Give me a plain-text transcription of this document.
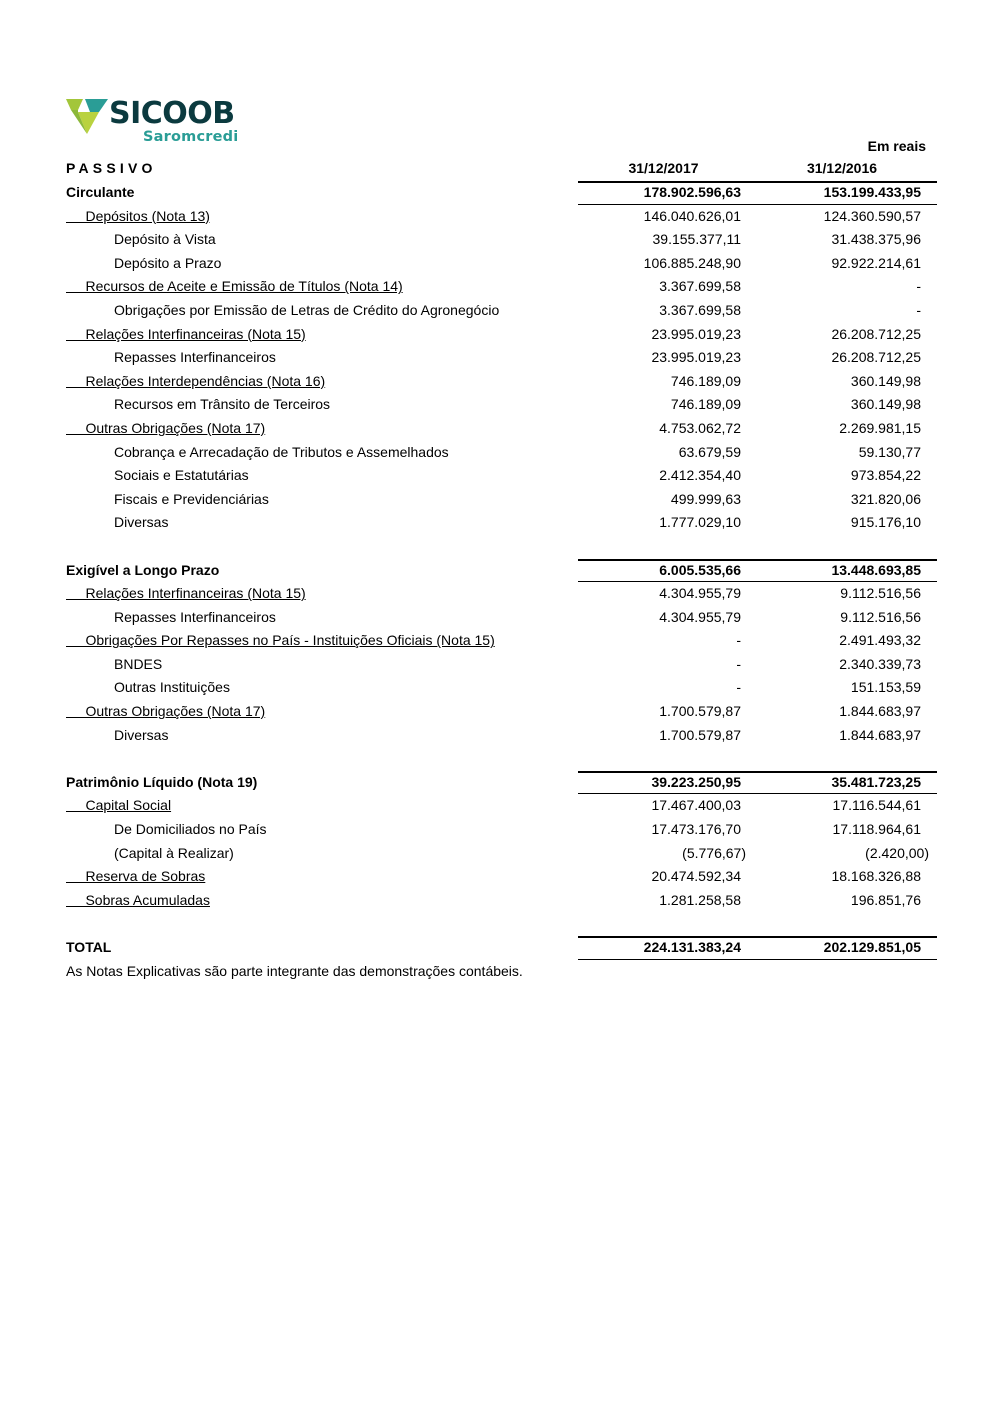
SICOOB
Saromcredi
Em reais
PASSIVO	31/12/2017	31/12/2016
Circulante	178.902.596,63	153.199.433,95
Depósitos (Nota 13)	146.040.626,01	124.360.590,57
Depósito à Vista	39.155.377,11	31.438.375,96
Depósito a Prazo	106.885.248,90	92.922.214,61
Recursos de Aceite e Emissão de Títulos (Nota 14)	3.367.699,58	-
Obrigações por Emissão de Letras de Crédito do Agronegócio	3.367.699,58	-
Relações Interfinanceiras (Nota 15)	23.995.019,23	26.208.712,25
Repasses Interfinanceiros	23.995.019,23	26.208.712,25
Relações Interdependências (Nota 16)	746.189,09	360.149,98
Recursos em Trânsito de Terceiros	746.189,09	360.149,98
Outras Obrigações (Nota 17)	4.753.062,72	2.269.981,15
Cobrança e Arrecadação de Tributos e Assemelhados	63.679,59	59.130,77
Sociais e Estatutárias	2.412.354,40	973.854,22
Fiscais e Previdenciárias	499.999,63	321.820,06
Diversas	1.777.029,10	915.176,10
Exigível a Longo Prazo	6.005.535,66	13.448.693,85
Relações Interfinanceiras (Nota 15)	4.304.955,79	9.112.516,56
Repasses Interfinanceiros	4.304.955,79	9.112.516,56
Obrigações Por Repasses no País - Instituições Oficiais (Nota 15)	-	2.491.493,32
BNDES	-	2.340.339,73
Outras Instituições	-	151.153,59
Outras Obrigações (Nota 17)	1.700.579,87	1.844.683,97
Diversas	1.700.579,87	1.844.683,97
Patrimônio Líquido (Nota 19)	39.223.250,95	35.481.723,25
Capital Social	17.467.400,03	17.116.544,61
De Domiciliados no País	17.473.176,70	17.118.964,61
(Capital à Realizar)	(5.776,67)	(2.420,00)
Reserva de Sobras	20.474.592,34	18.168.326,88
Sobras Acumuladas	1.281.258,58	196.851,76
TOTAL	224.131.383,24	202.129.851,05
As Notas Explicativas são parte integrante das demonstrações contábeis.
